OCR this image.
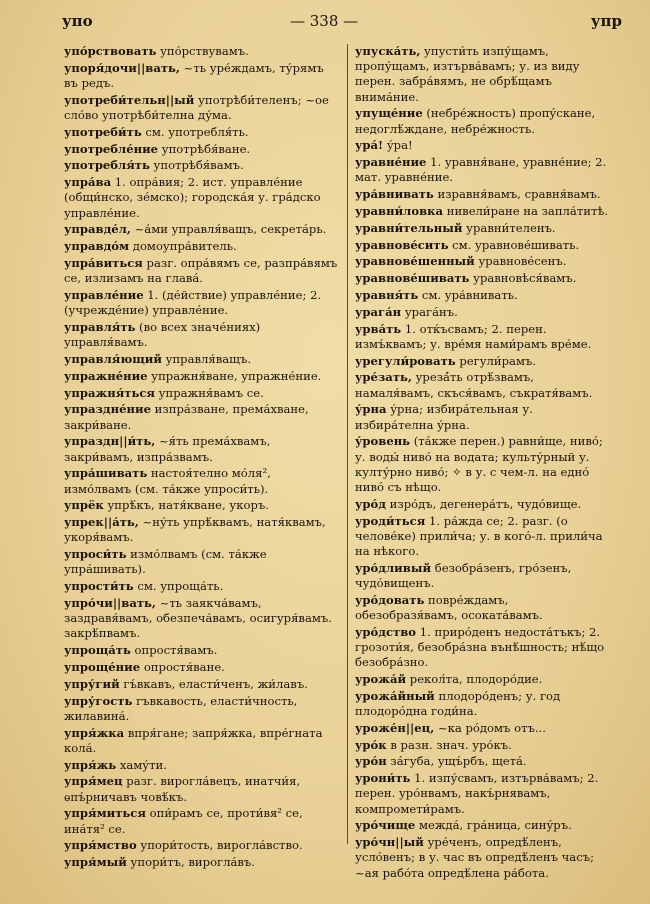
упо	— 338 —	упр
упо́рствовать упо́рствувамъ.
упоря́дочи||вать, ~ть уре́ждамъ, ту́рямъ въ редъ.
употреби́тельн||ый употрѣби́теленъ; ~ое сло́во употрѣби́телна ду́ма.
употреби́ть см. употребля́ть.
употребле́ние употрѣбя́ване.
употребля́ть употрѣбя́вамъ.
упра́ва 1. опра́вия; 2. ист. управле́ние (общи́нско, зе́мско); городска́я у. гра́дско управле́ние.
управде́л, ~а́ми управля́ващъ, секрета́рь.
управдо́м домоупра́витель.
упра́виться разг. опра́вямъ се, разпра́вямъ се, излизамъ на глава́.
управле́ние 1. (де́йствие) управле́ние; 2. (учрежде́ние) управле́ние.
управля́ть (во всех значе́ниях) управля́вамъ.
управля́ющий управля́ващъ.
упражне́ние упражня́ване, упражне́ние.
упражня́ться упражня́вамъ се.
упраздне́ние изпра́зване, према́хване, закри́ване.
упраздн||и́ть, ~я́ть према́хвамъ, закри́вамъ, изпра́звамъ.
упра́шивать настоя́телно мо́ля², измо́лвамъ (см. та́кже упроси́ть).
упрёк упрѣ́къ, натя́кване, укоръ.
упрек||а́ть, ~ну́ть упрѣ́квамъ, натя́квамъ, укоря́вамъ.
упроси́ть измо́лвамъ (см. та́кже упра́шивать).
упрости́ть см. упроща́ть.
упро́чи||вать, ~ть заякча́вамъ, заздравя́вамъ, обезпеча́вамъ, осигуря́вамъ. закрѣ́пвамъ.
упроща́ть опростя́вамъ.
упроще́ние опростя́ване.
упру́гий гъ́вкавъ, еласти́ченъ, жи́лавъ.
упру́гость гъвкавость, еласти́чность, жилавина́.
упря́жка впря́гане; запря́жка, впре́гната кола́.
упря́жь хаму́ти.
упря́мец разг. вирогла́вецъ, инатчи́я, ѳпъ́рничавъ човѣ́къ.
упря́миться опи́рамъ се, проти́вя² се, ина́тя² се.
упря́мство упори́тость, вирогла́вство.
упря́мый упори́тъ, вирогла́въ.
упуска́ть, упусти́ть изпу́щамъ, пропу́щамъ, изтърва́вамъ; у. из виду перен. забра́вямъ, не обрѣ́щамъ внима́ние.
упуще́ние (небре́жность) пропу́скане, недоглѣ́ждане, небре́жность.
ура́! у́ра!
уравне́ние 1. уравня́ване, уравне́ние; 2. мат. уравне́ние.
ура́внивать изравня́вамъ, сравня́вамъ.
уравни́ловка нивели́ране на запла́титѣ.
уравни́тельный уравни́теленъ.
уравнове́сить см. уравнове́шивать.
уравнове́шенный уравнове́сенъ.
уравнове́шивать уравновѣся́вамъ.
уравня́ть см. ура́внивать.
урага́н урага́нъ.
урва́ть 1. отќъсвамъ; 2. перен. измъ́квамъ; у. вре́мя нами́рамъ вре́ме.
урегули́ровать регули́рамъ.
уре́зать, урезá́ть отрѣ́звамъ, намаля́вамъ, скъся́вамъ, съкратя́вамъ.
у́рна у́рна; избира́тельная у. избира́телна у́рна.
у́ровень (та́кже перен.) равни́ще, ниво́; у. воды́ ниво́ на водата; культу́рный у. култу́рно ниво́; ✧ в у. с чем-л. на едно́ ниво́ съ нѣщо.
уро́д изро́дъ, дегенера́тъ, чудо́вище.
уроди́ться 1. ра́жда се; 2. разг. (о челове́ке) прили́ча; у. в кого́-л. прили́ча на нѣкого.
уро́дливый безобра́зенъ, гро́зенъ, чудо́вищенъ.
уро́довать повре́ждамъ, обезобразя́вамъ, осоката́вамъ.
уро́дство 1. приро́денъ недоста́тъкъ; 2. грозоти́я, безобра́зна вънѣ́шность; нѣ́що безобра́зно.
урожа́й рекол́та, плодоро́дие.
урожа́йный плодоро́денъ; у. год плодоро́дна годи́на.
уроже́н||ец, ~ка ро́домъ отъ...
уро́к в разн. знач. уро́къ.
уро́н за́губа, ущъ́рбъ, щета́.
урони́ть 1. изпу́свамъ, изтърва́вамъ; 2. перен. уро́нвамъ, накъ́рнявамъ, компромети́рамъ.
уро́чище межда́, гра́ница, сину́ръ.
уро́чн||ый уре́ченъ, опредѣ́ленъ, усло́венъ; в у. час въ опредѣ́ленъ часъ; ~ая рабо́та опредѣ́лена ра́бота.
